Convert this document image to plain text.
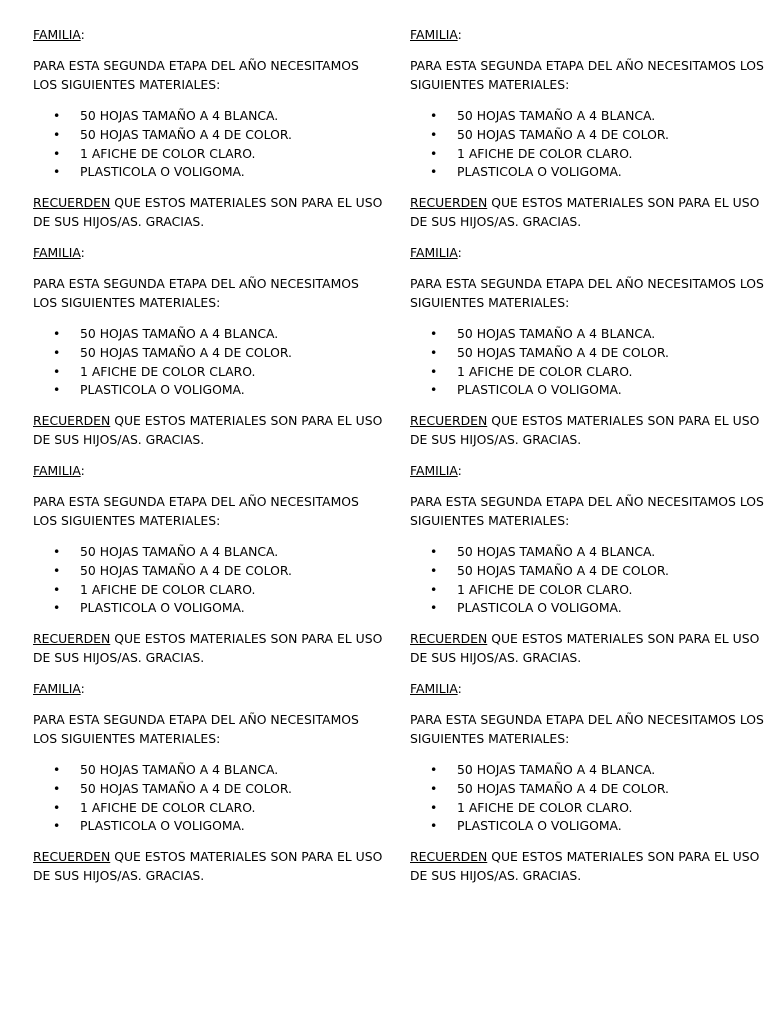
FAMILIA:

PARA ESTA SEGUNDA ETAPA DEL AÑO NECESITAMOS
LOS SIGUIENTES MATERIALES:

• 50 HOJAS TAMAÑO A 4 BLANCA.
• 50 HOJAS TAMAÑO A 4 DE COLOR.
• 1 AFICHE DE COLOR CLARO.
• PLASTICOLA O VOLIGOMA.

RECUERDEN QUE ESTOS MATERIALES SON PARA EL USO
DE SUS HIJOS/AS. GRACIAS.

FAMILIA:

PARA ESTA SEGUNDA ETAPA DEL AÑO NECESITAMOS
LOS SIGUIENTES MATERIALES:

• 50 HOJAS TAMAÑO A 4 BLANCA.
• 50 HOJAS TAMAÑO A 4 DE COLOR.
• 1 AFICHE DE COLOR CLARO.
• PLASTICOLA O VOLIGOMA.

RECUERDEN QUE ESTOS MATERIALES SON PARA EL USO
DE SUS HIJOS/AS. GRACIAS.

FAMILIA:

PARA ESTA SEGUNDA ETAPA DEL AÑO NECESITAMOS
LOS SIGUIENTES MATERIALES:

• 50 HOJAS TAMAÑO A 4 BLANCA.
• 50 HOJAS TAMAÑO A 4 DE COLOR.
• 1 AFICHE DE COLOR CLARO.
• PLASTICOLA O VOLIGOMA.

RECUERDEN QUE ESTOS MATERIALES SON PARA EL USO
DE SUS HIJOS/AS. GRACIAS.

FAMILIA:

PARA ESTA SEGUNDA ETAPA DEL AÑO NECESITAMOS
LOS SIGUIENTES MATERIALES:

• 50 HOJAS TAMAÑO A 4 BLANCA.
• 50 HOJAS TAMAÑO A 4 DE COLOR.
• 1 AFICHE DE COLOR CLARO.
• PLASTICOLA O VOLIGOMA.

RECUERDEN QUE ESTOS MATERIALES SON PARA EL USO
DE SUS HIJOS/AS. GRACIAS.

FAMILIA:

PARA ESTA SEGUNDA ETAPA DEL AÑO NECESITAMOS LOS
SIGUIENTES MATERIALES:

• 50 HOJAS TAMAÑO A 4 BLANCA.
• 50 HOJAS TAMAÑO A 4 DE COLOR.
• 1 AFICHE DE COLOR CLARO.
• PLASTICOLA O VOLIGOMA.

RECUERDEN QUE ESTOS MATERIALES SON PARA EL USO
DE SUS HIJOS/AS. GRACIAS.

FAMILIA:

PARA ESTA SEGUNDA ETAPA DEL AÑO NECESITAMOS LOS
SIGUIENTES MATERIALES:

• 50 HOJAS TAMAÑO A 4 BLANCA.
• 50 HOJAS TAMAÑO A 4 DE COLOR.
• 1 AFICHE DE COLOR CLARO.
• PLASTICOLA O VOLIGOMA.

RECUERDEN QUE ESTOS MATERIALES SON PARA EL USO
DE SUS HIJOS/AS. GRACIAS.

FAMILIA:

PARA ESTA SEGUNDA ETAPA DEL AÑO NECESITAMOS LOS
SIGUIENTES MATERIALES:

• 50 HOJAS TAMAÑO A 4 BLANCA.
• 50 HOJAS TAMAÑO A 4 DE COLOR.
• 1 AFICHE DE COLOR CLARO.
• PLASTICOLA O VOLIGOMA.

RECUERDEN QUE ESTOS MATERIALES SON PARA EL USO
DE SUS HIJOS/AS. GRACIAS.

FAMILIA:

PARA ESTA SEGUNDA ETAPA DEL AÑO NECESITAMOS LOS
SIGUIENTES MATERIALES:

• 50 HOJAS TAMAÑO A 4 BLANCA.
• 50 HOJAS TAMAÑO A 4 DE COLOR.
• 1 AFICHE DE COLOR CLARO.
• PLASTICOLA O VOLIGOMA.

RECUERDEN QUE ESTOS MATERIALES SON PARA EL USO
DE SUS HIJOS/AS. GRACIAS.
